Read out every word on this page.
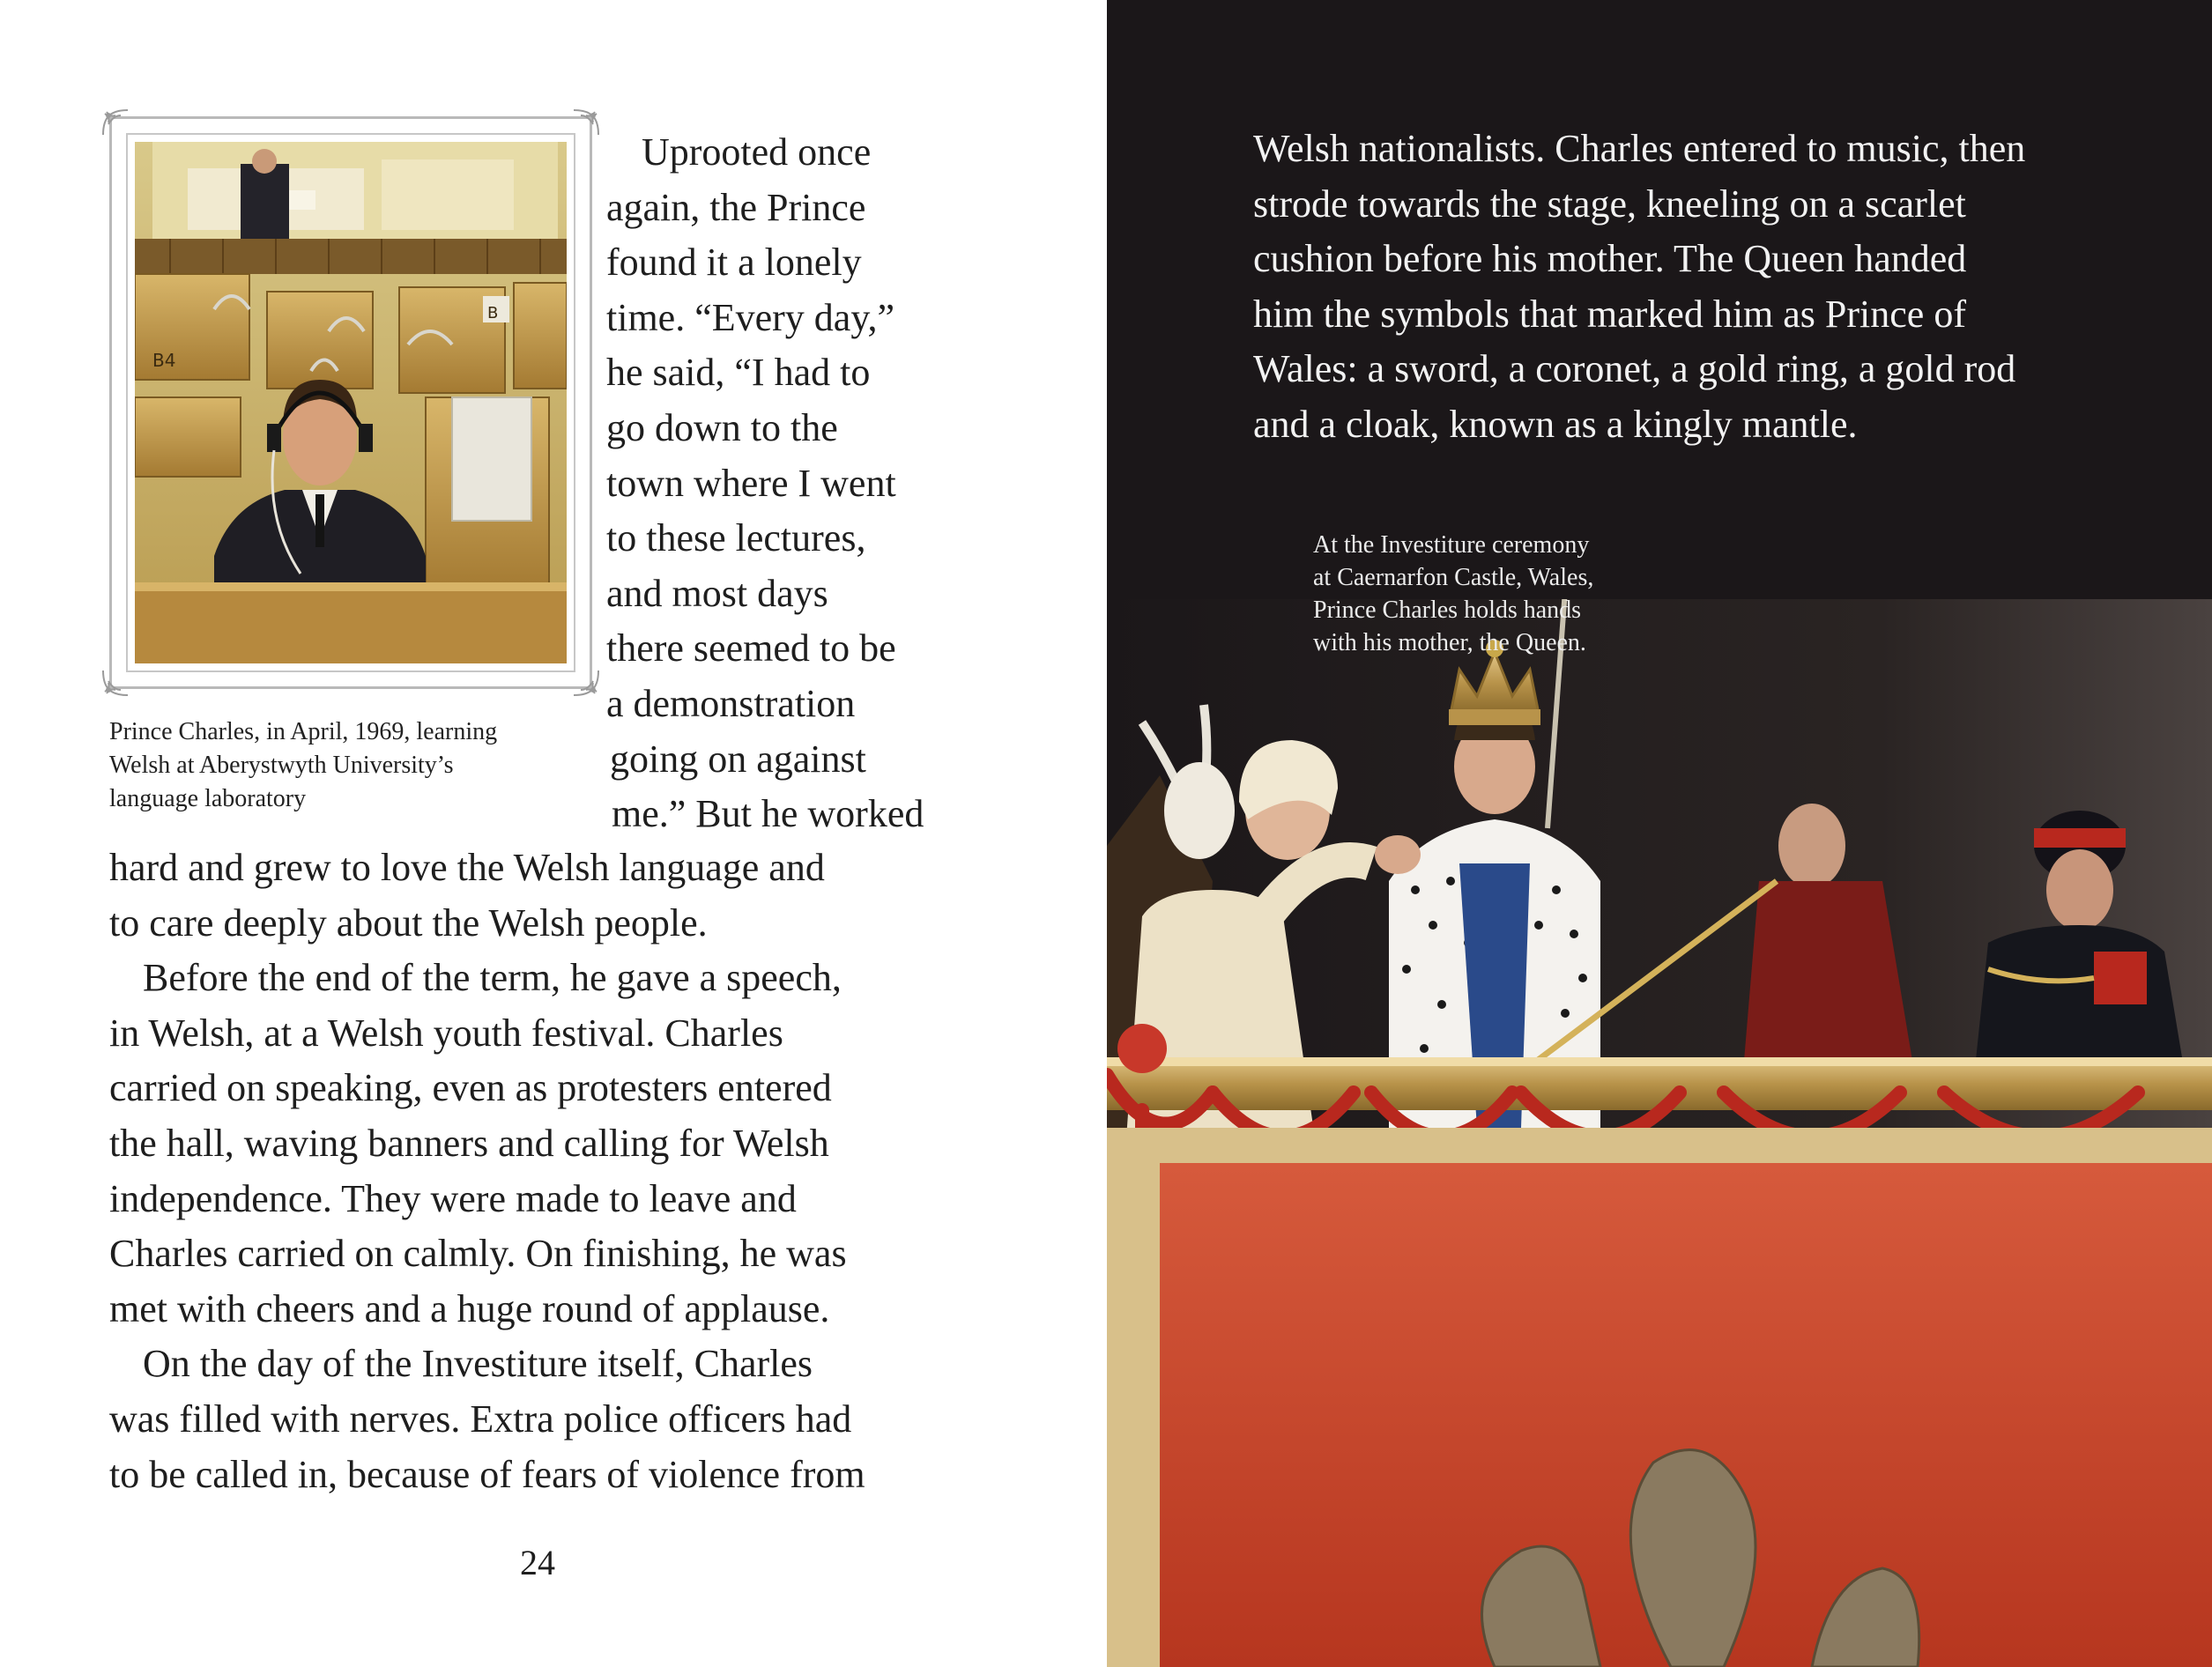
B4
B
Prince Charles, in April, 1969, learning
Welsh at Aberystwyth University’s
language laboratory
Uprooted once
again, the Prince
found it a lonely
time. “Every day,”
he said, “I had to
go down to the
town where I went
to these lectures,
and most days
there seemed to be
a demonstration
going on against
me.” But he worked
hard and grew to love the Welsh language and
to care deeply about the Welsh people.
Before the end of the term, he gave a speech,
in Welsh, at a Welsh youth festival. Charles
carried on speaking, even as protesters entered
the hall, waving banners and calling for Welsh
independence. They were made to leave and
Charles carried on calmly. On finishing, he was
met with cheers and a huge round of applause.
On the day of the Investiture itself, Charles
was filled with nerves. Extra police officers had
to be called in, because of fears of violence from
24
Welsh nationalists. Charles entered to music, then
strode towards the stage, kneeling on a scarlet
cushion before his mother. The Queen handed
him the symbols that marked him as Prince of
Wales: a sword, a coronet, a gold ring, a gold rod
and a cloak, known as a kingly mantle.
At the Investiture ceremony
at Caernarfon Castle, Wales,
Prince Charles holds hands
with his mother, the Queen.
